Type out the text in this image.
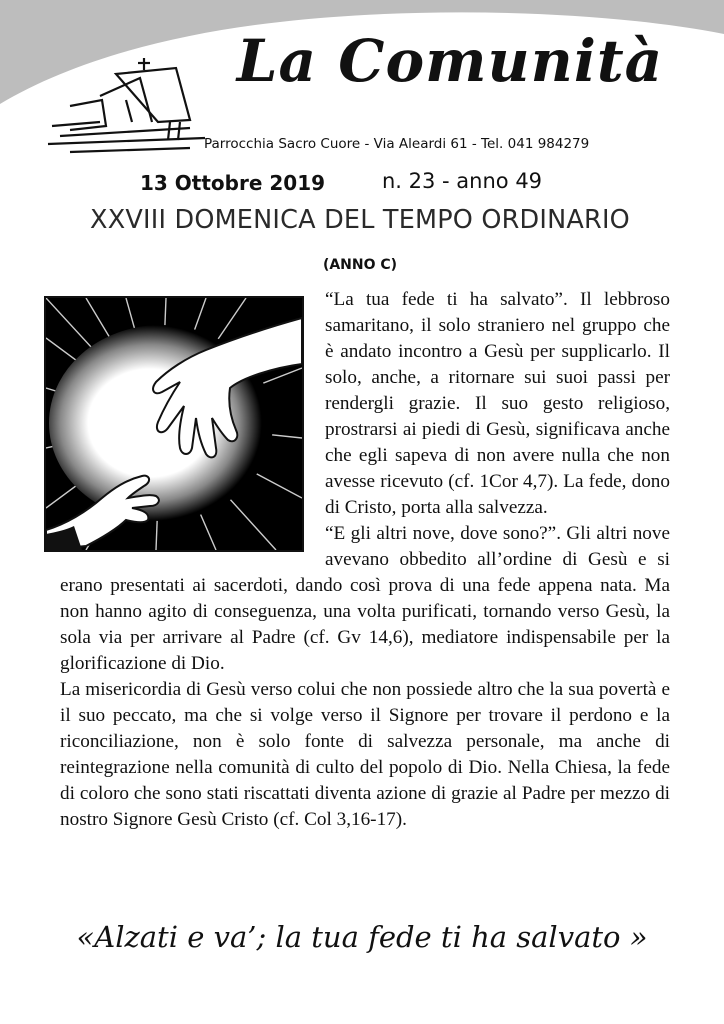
La Comunità
Parrocchia Sacro Cuore - Via Aleardi 61 - Tel. 041 984279
13 Ottobre 2019	n. 23 - anno 49
XXVIII DOMENICA DEL TEMPO ORDINARIO
(ANNO C)

“La tua fede ti ha salvato”. Il lebbroso samaritano, il solo straniero nel gruppo che è andato incontro a Gesù per supplicarlo. Il solo, anche, a ritornare sui suoi passi per rendergli grazie. Il suo gesto religioso, prostrarsi ai piedi di Gesù, significava anche che egli sapeva di non avere nulla che non avesse ricevuto (cf. 1Cor 4,7). La fede, dono di Cristo, porta alla salvezza.

“E gli altri nove, dove sono?”. Gli altri nove avevano obbedito all’ordine di Gesù e si erano presentati ai sacerdoti, dando così prova di una fede appena nata. Ma non hanno agito di conseguenza, una volta purificati, tornando verso Gesù, la sola via per arrivare al Padre (cf. Gv 14,6), mediatore indispensabile per la glorificazione di Dio.

La misericordia di Gesù verso colui che non possiede altro che la sua povertà e il suo peccato, ma che si volge verso il Signore per trovare il perdono e la riconciliazione, non è solo fonte di salvezza personale, ma anche di reintegrazione nella comunità di culto del popolo di Dio. Nella Chiesa, la fede di coloro che sono stati riscattati diventa azione di grazie al Padre per mezzo di nostro Signore Gesù Cristo (cf. Col 3,16-17).

«Alzati e va’; la tua fede ti ha salvato »
